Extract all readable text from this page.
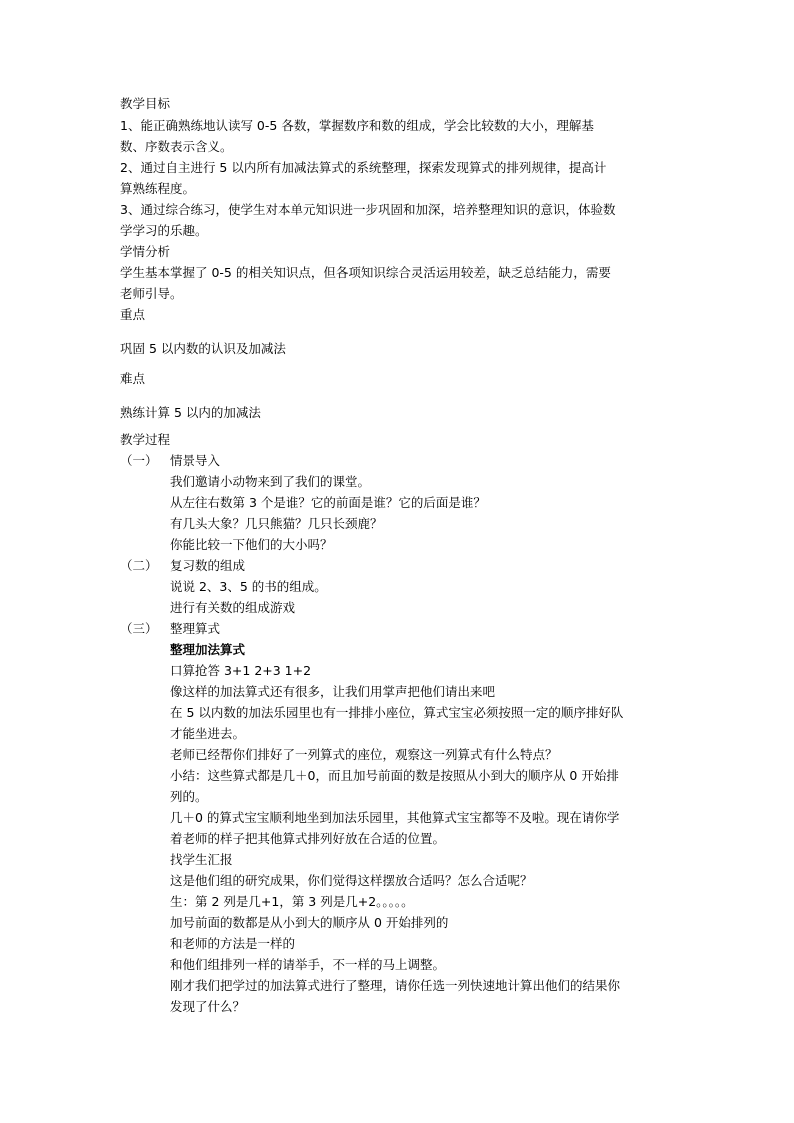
教学目标
1、能正确熟练地认读写 0-5 各数，掌握数序和数的组成，学会比较数的大小，理解基
数、序数表示含义。
2、通过自主进行 5 以内所有加减法算式的系统整理，探索发现算式的排列规律，提高计
算熟练程度。
3、通过综合练习，使学生对本单元知识进一步巩固和加深，培养整理知识的意识，体验数
学学习的乐趣。
学情分析
学生基本掌握了 0-5 的相关知识点，但各项知识综合灵活运用较差，缺乏总结能力，需要
老师引导。
重点
巩固 5 以内数的认识及加减法
难点
熟练计算 5 以内的加减法
教学过程
（一） 情景导入
我们邀请小动物来到了我们的课堂。
从左往右数第 3 个是谁？它的前面是谁？它的后面是谁？
有几头大象？几只熊猫？几只长颈鹿？
你能比较一下他们的大小吗？
（二） 复习数的组成
说说 2、3、5 的书的组成。
进行有关数的组成游戏
（三） 整理算式
整理加法算式
口算抢答 3+1 2+3 1+2
像这样的加法算式还有很多，让我们用掌声把他们请出来吧
在 5 以内数的加法乐园里也有一排排小座位，算式宝宝必须按照一定的顺序排好队
才能坐进去。
老师已经帮你们排好了一列算式的座位，观察这一列算式有什么特点？
小结：这些算式都是几＋0，而且加号前面的数是按照从小到大的顺序从 0 开始排
列的。
几＋0 的算式宝宝顺利地坐到加法乐园里，其他算式宝宝都等不及啦。现在请你学
着老师的样子把其他算式排列好放在合适的位置。
找学生汇报
这是他们组的研究成果，你们觉得这样摆放合适吗？怎么合适呢？
生：第 2 列是几+1，第 3 列是几+2。。。。。
加号前面的数都是从小到大的顺序从 0 开始排列的
和老师的方法是一样的
和他们组排列一样的请举手，不一样的马上调整。
刚才我们把学过的加法算式进行了整理，请你任选一列快速地计算出他们的结果你
发现了什么？
